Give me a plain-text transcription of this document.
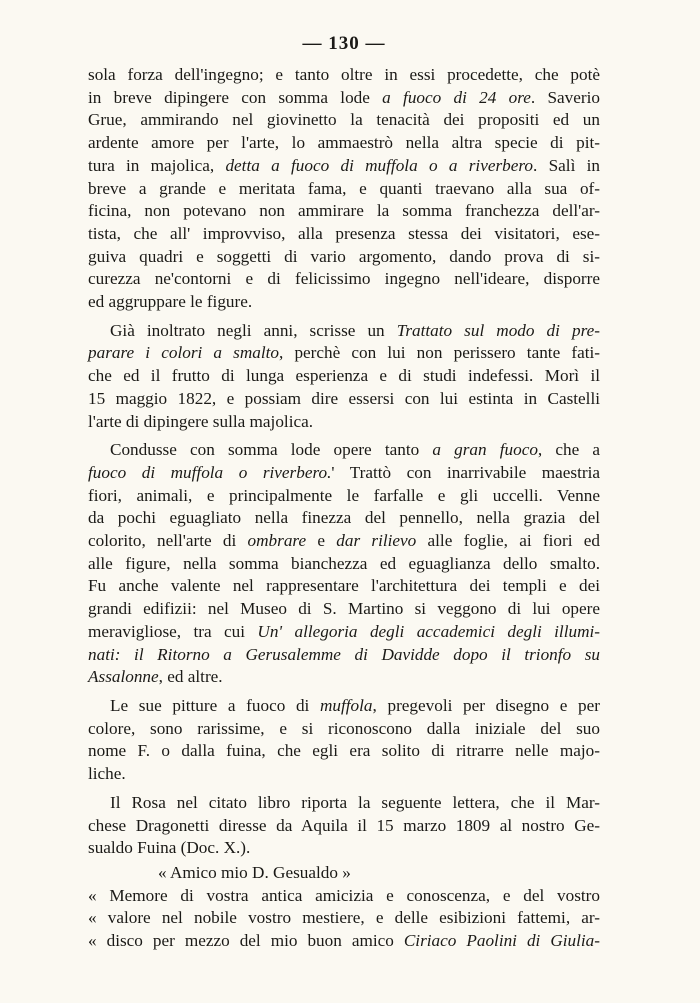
— 130 —
sola forza dell'ingegno; e tanto oltre in essi procedette, che potè
in breve dipingere con somma lode a fuoco di 24 ore. Saverio
Grue, ammirando nel giovinetto la tenacità dei propositi ed un
ardente amore per l'arte, lo ammaestrò nella altra specie di pit-
tura in majolica, detta a fuoco di muffola o a riverbero. Salì in
breve a grande e meritata fama, e quanti traevano alla sua of-
ficina, non potevano non ammirare la somma franchezza dell'ar-
tista, che all' improvviso, alla presenza stessa dei visitatori, ese-
guiva quadri e soggetti di vario argomento, dando prova di si-
curezza ne'contorni e di felicissimo ingegno nell'ideare, disporre
ed aggruppare le figure.
Già inoltrato negli anni, scrisse un Trattato sul modo di pre-
parare i colori a smalto, perchè con lui non perissero tante fati-
che ed il frutto di lunga esperienza e di studi indefessi. Morì il
15 maggio 1822, e possiam dire essersi con lui estinta in Castelli
l'arte di dipingere sulla majolica.
Condusse con somma lode opere tanto a gran fuoco, che a
fuoco di muffola o riverbero.' Trattò con inarrivabile maestria
fiori, animali, e principalmente le farfalle e gli uccelli. Venne
da pochi eguagliato nella finezza del pennello, nella grazia del
colorito, nell'arte di ombrare e dar rilievo alle foglie, ai fiori ed
alle figure, nella somma bianchezza ed eguaglianza dello smalto.
Fu anche valente nel rappresentare l'architettura dei templi e dei
grandi edifizii: nel Museo di S. Martino si veggono di lui opere
meravigliose, tra cui Un' allegoria degli accademici degli illumi-
nati: il Ritorno a Gerusalemme di Davidde dopo il trionfo su
Assalonne, ed altre.
Le sue pitture a fuoco di muffola, pregevoli per disegno e per
colore, sono rarissime, e si riconoscono dalla iniziale del suo
nome F. o dalla fuina, che egli era solito di ritrarre nelle majo-
liche.
Il Rosa nel citato libro riporta la seguente lettera, che il Mar-
chese Dragonetti diresse da Aquila il 15 marzo 1809 al nostro Ge-
sualdo Fuina (Doc. X.).
« Amico mio D. Gesualdo »
« Memore di vostra antica amicizia e conoscenza, e del vostro
« valore nel nobile vostro mestiere, e delle esibizioni fattemi, ar-
« disco per mezzo del mio buon amico Ciriaco Paolini di Giulia-
